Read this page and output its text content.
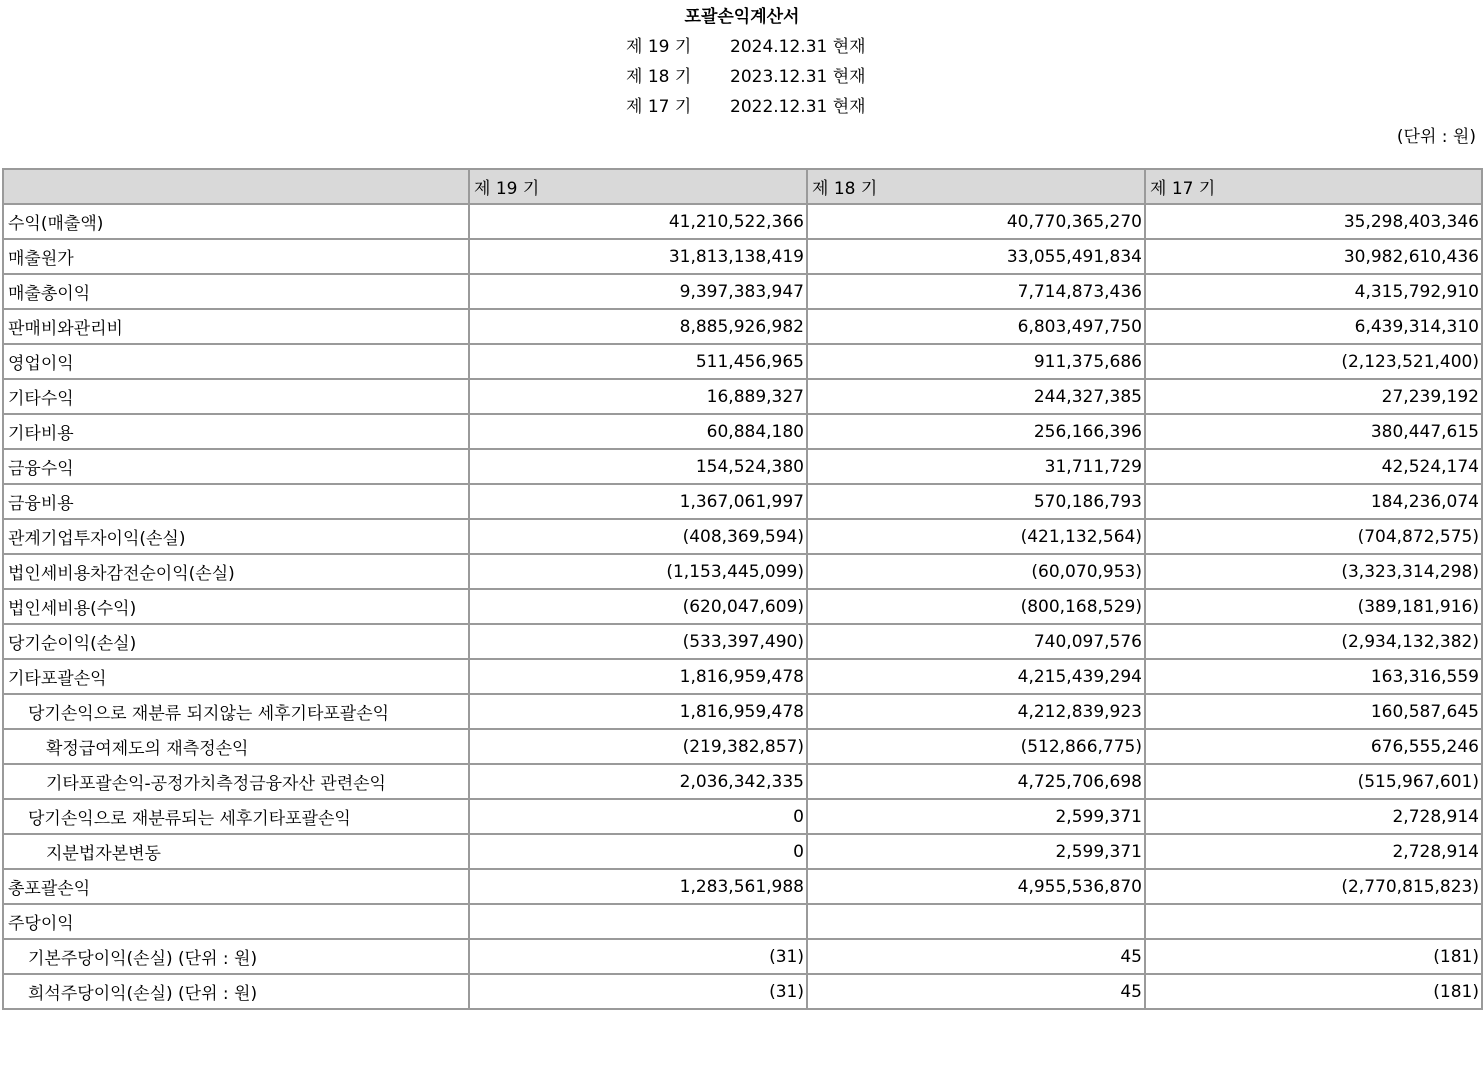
포괄손익계산서
제 19 기 2024.12.31 현재
제 18 기 2023.12.31 현재
제 17 기 2022.12.31 현재
(단위 : 원)
	제 19 기	제 18 기	제 17 기
수익(매출액)	41,210,522,366	40,770,365,270	35,298,403,346
매출원가	31,813,138,419	33,055,491,834	30,982,610,436
매출총이익	9,397,383,947	7,714,873,436	4,315,792,910
판매비와관리비	8,885,926,982	6,803,497,750	6,439,314,310
영업이익	511,456,965	911,375,686	(2,123,521,400)
기타수익	16,889,327	244,327,385	27,239,192
기타비용	60,884,180	256,166,396	380,447,615
금융수익	154,524,380	31,711,729	42,524,174
금융비용	1,367,061,997	570,186,793	184,236,074
관계기업투자이익(손실)	(408,369,594)	(421,132,564)	(704,872,575)
법인세비용차감전순이익(손실)	(1,153,445,099)	(60,070,953)	(3,323,314,298)
법인세비용(수익)	(620,047,609)	(800,168,529)	(389,181,916)
당기순이익(손실)	(533,397,490)	740,097,576	(2,934,132,382)
기타포괄손익	1,816,959,478	4,215,439,294	163,316,559
당기손익으로 재분류 되지않는 세후기타포괄손익	1,816,959,478	4,212,839,923	160,587,645
확정급여제도의 재측정손익	(219,382,857)	(512,866,775)	676,555,246
기타포괄손익-공정가치측정금융자산 관련손익	2,036,342,335	4,725,706,698	(515,967,601)
당기손익으로 재분류되는 세후기타포괄손익	0	2,599,371	2,728,914
지분법자본변동	0	2,599,371	2,728,914
총포괄손익	1,283,561,988	4,955,536,870	(2,770,815,823)
주당이익			
기본주당이익(손실) (단위 : 원)	(31)	45	(181)
희석주당이익(손실) (단위 : 원)	(31)	45	(181)
